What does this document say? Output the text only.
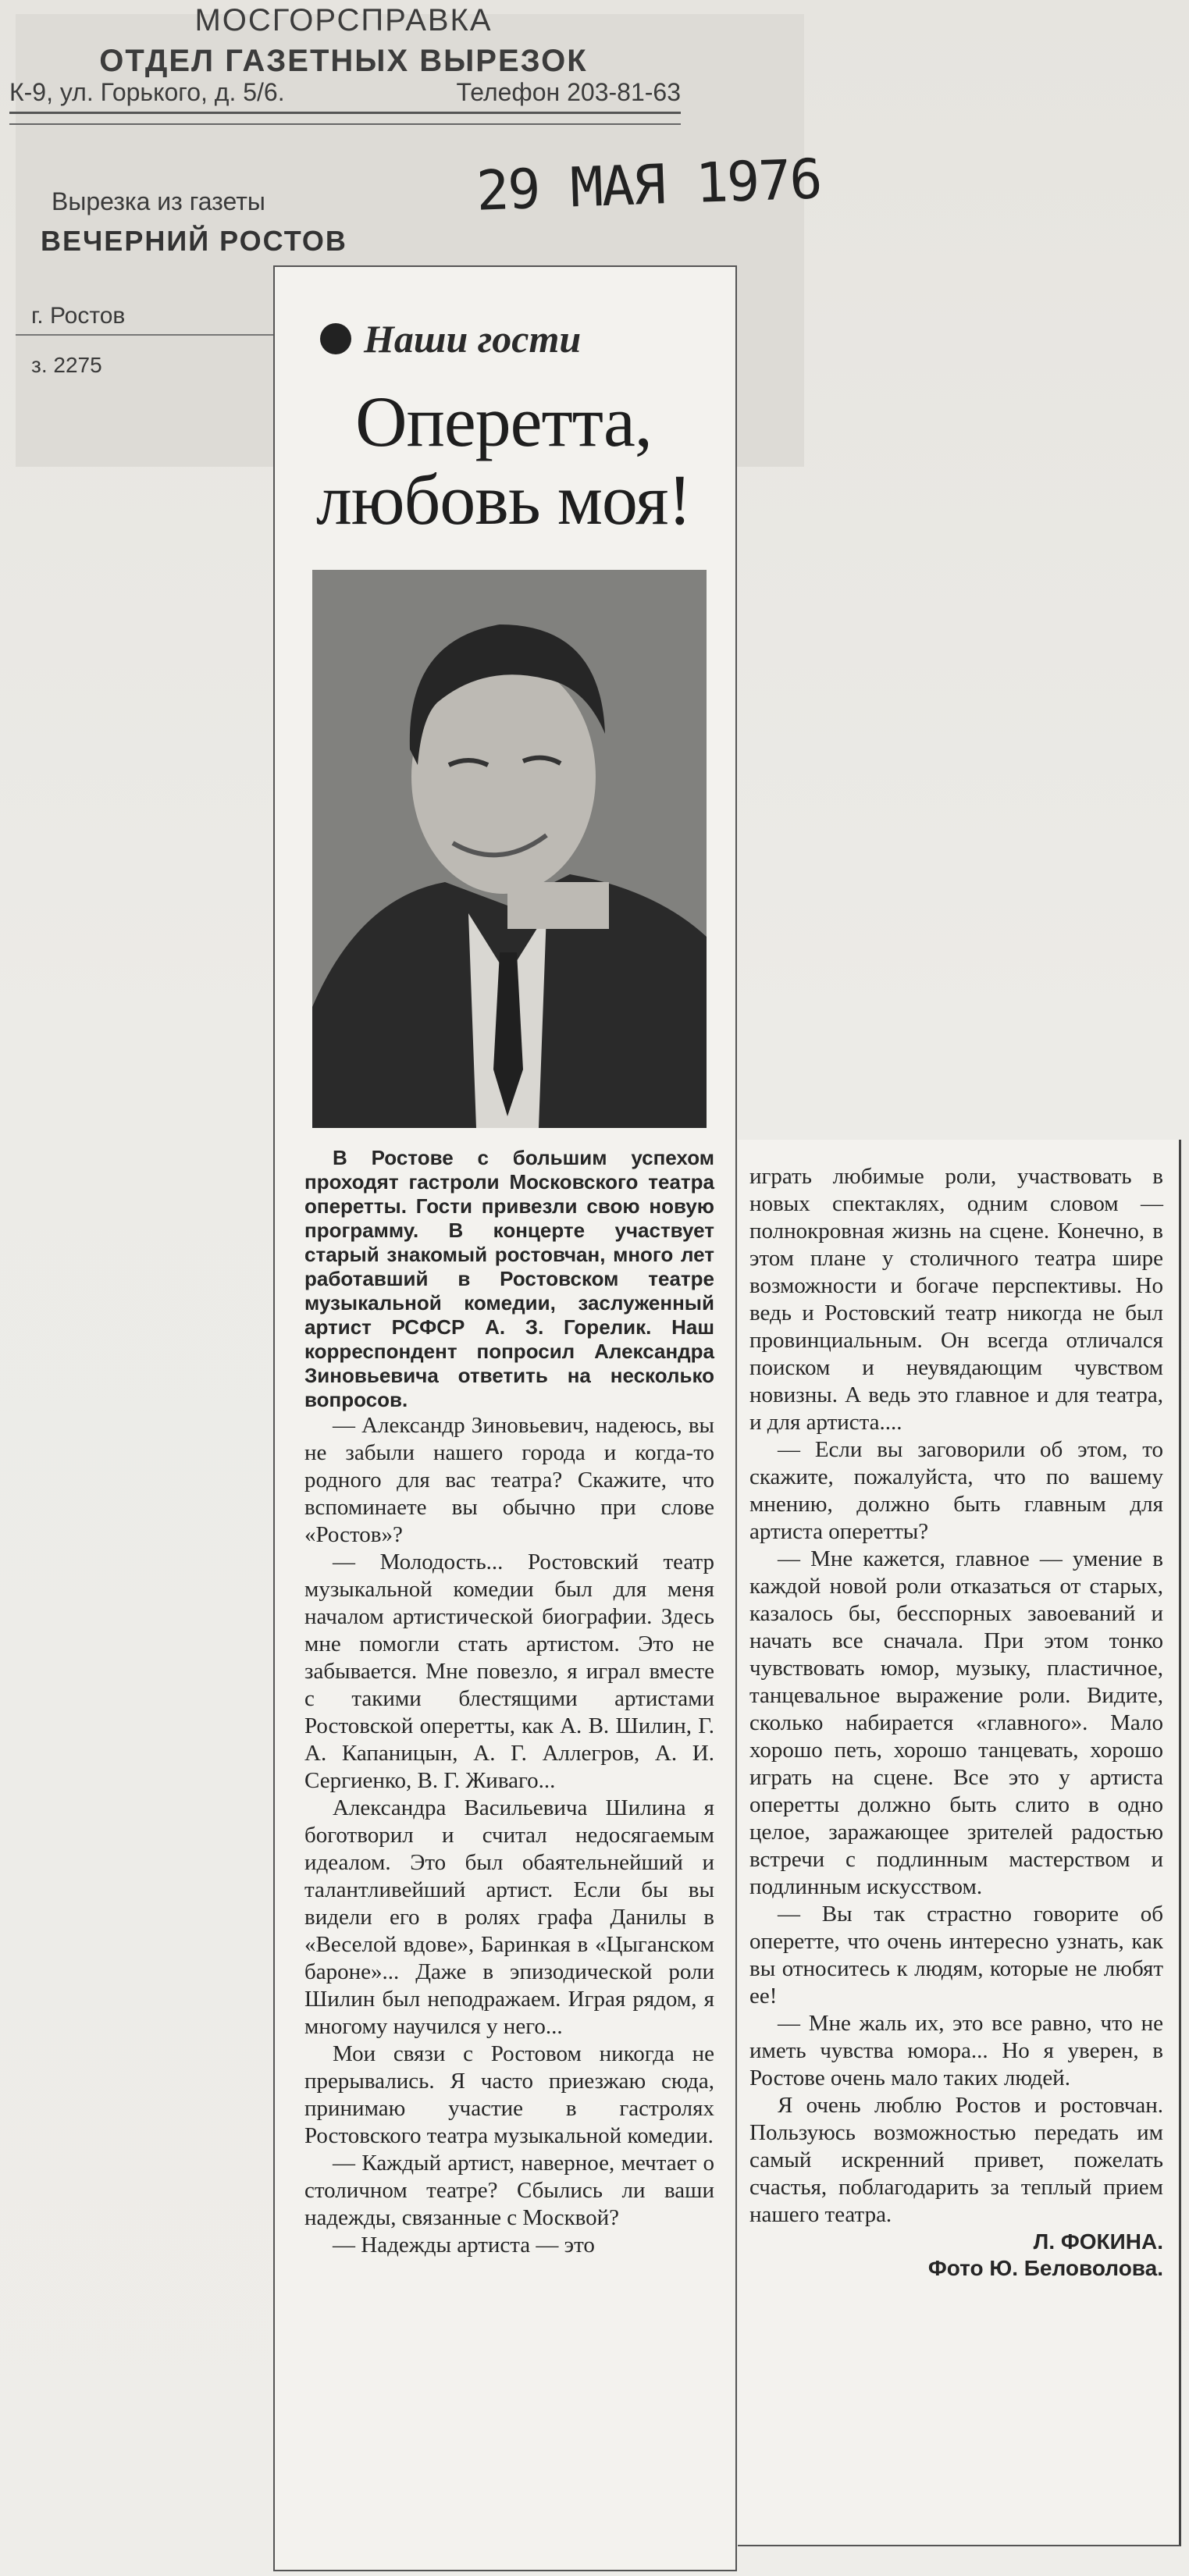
МОСГОРСПРАВКА
ОТДЕЛ ГАЗЕТНЫХ ВЫРЕЗОК
К-9, ул. Горького, д. 5/6.	Телефон 203-81-63
Вырезка из газеты
ВЕЧЕРНИЙ РОСТОВ
29 МАЯ 1976
г. Ростов
з. 2275
Наши гости
Оперетта,
любовь моя!

В Ростове с большим успехом проходят гастроли Московского театра оперетты. Гости привезли свою новую программу. В концерте участвует старый знакомый ростовчан, много лет работавший в Ростовском театре музыкальной комедии, заслуженный артист РСФСР А. З. Горелик. Наш корреспондент попросил Александра Зиновьевича ответить на несколько вопросов.

— Александр Зиновьевич, надеюсь, вы не забыли нашего города и когда-то родного для вас театра? Скажите, что вспоминаете вы обычно при слове «Ростов»?

— Молодость... Ростовский театр музыкальной комедии был для меня началом артистической биографии. Здесь мне помогли стать артистом. Это не забывается. Мне повезло, я играл вместе с такими блестящими артистами Ростовской оперетты, как А. В. Шилин, Г. А. Капаницын, А. Г. Аллегров, А. И. Сергиенко, В. Г. Живаго...

Александра Васильевича Шилина я боготворил и считал недосягаемым идеалом. Это был обаятельнейший и талантливейший артист. Если бы вы видели его в ролях графа Данилы в «Веселой вдове», Баринкая в «Цыганском бароне»... Даже в эпизодической роли Шилин был неподражаем. Играя рядом, я многому научился у него...

Мои связи с Ростовом никогда не прерывались. Я часто приезжаю сюда, принимаю участие в гастролях Ростовского театра музыкальной комедии.

— Каждый артист, наверное, мечтает о столичном театре? Сбылись ли ваши надежды, связанные с Москвой?

— Надежды артиста — это

играть любимые роли, участвовать в новых спектаклях, одним словом — полнокровная жизнь на сцене. Конечно, в этом плане у столичного театра шире возможности и богаче перспективы. Но ведь и Ростовский театр никогда не был провинциальным. Он всегда отличался поиском и неувядающим чувством новизны. А ведь это главное и для театра, и для артиста....

— Если вы заговорили об этом, то скажите, пожалуйста, что по вашему мнению, должно быть главным для артиста оперетты?

— Мне кажется, главное — умение в каждой новой роли отказаться от старых, казалось бы, бесспорных завоеваний и начать все сначала. При этом тонко чувствовать юмор, музыку, пластичное, танцевальное выражение роли. Видите, сколько набирается «главного». Мало хорошо петь, хорошо танцевать, хорошо играть на сцене. Все это у артиста оперетты должно быть слито в одно целое, заражающее зрителей радостью встречи с подлинным мастерством и подлинным искусством.

— Вы так страстно говорите об оперетте, что очень интересно узнать, как вы относитесь к людям, которые не любят ее!

— Мне жаль их, это все равно, что не иметь чувства юмора... Но я уверен, в Ростове очень мало таких людей.

Я очень люблю Ростов и ростовчан. Пользуюсь возможностью передать им самый искренний привет, пожелать счастья, поблагодарить за теплый прием нашего театра.

Л. ФОКИНА.
Фото Ю. Беловолова.
